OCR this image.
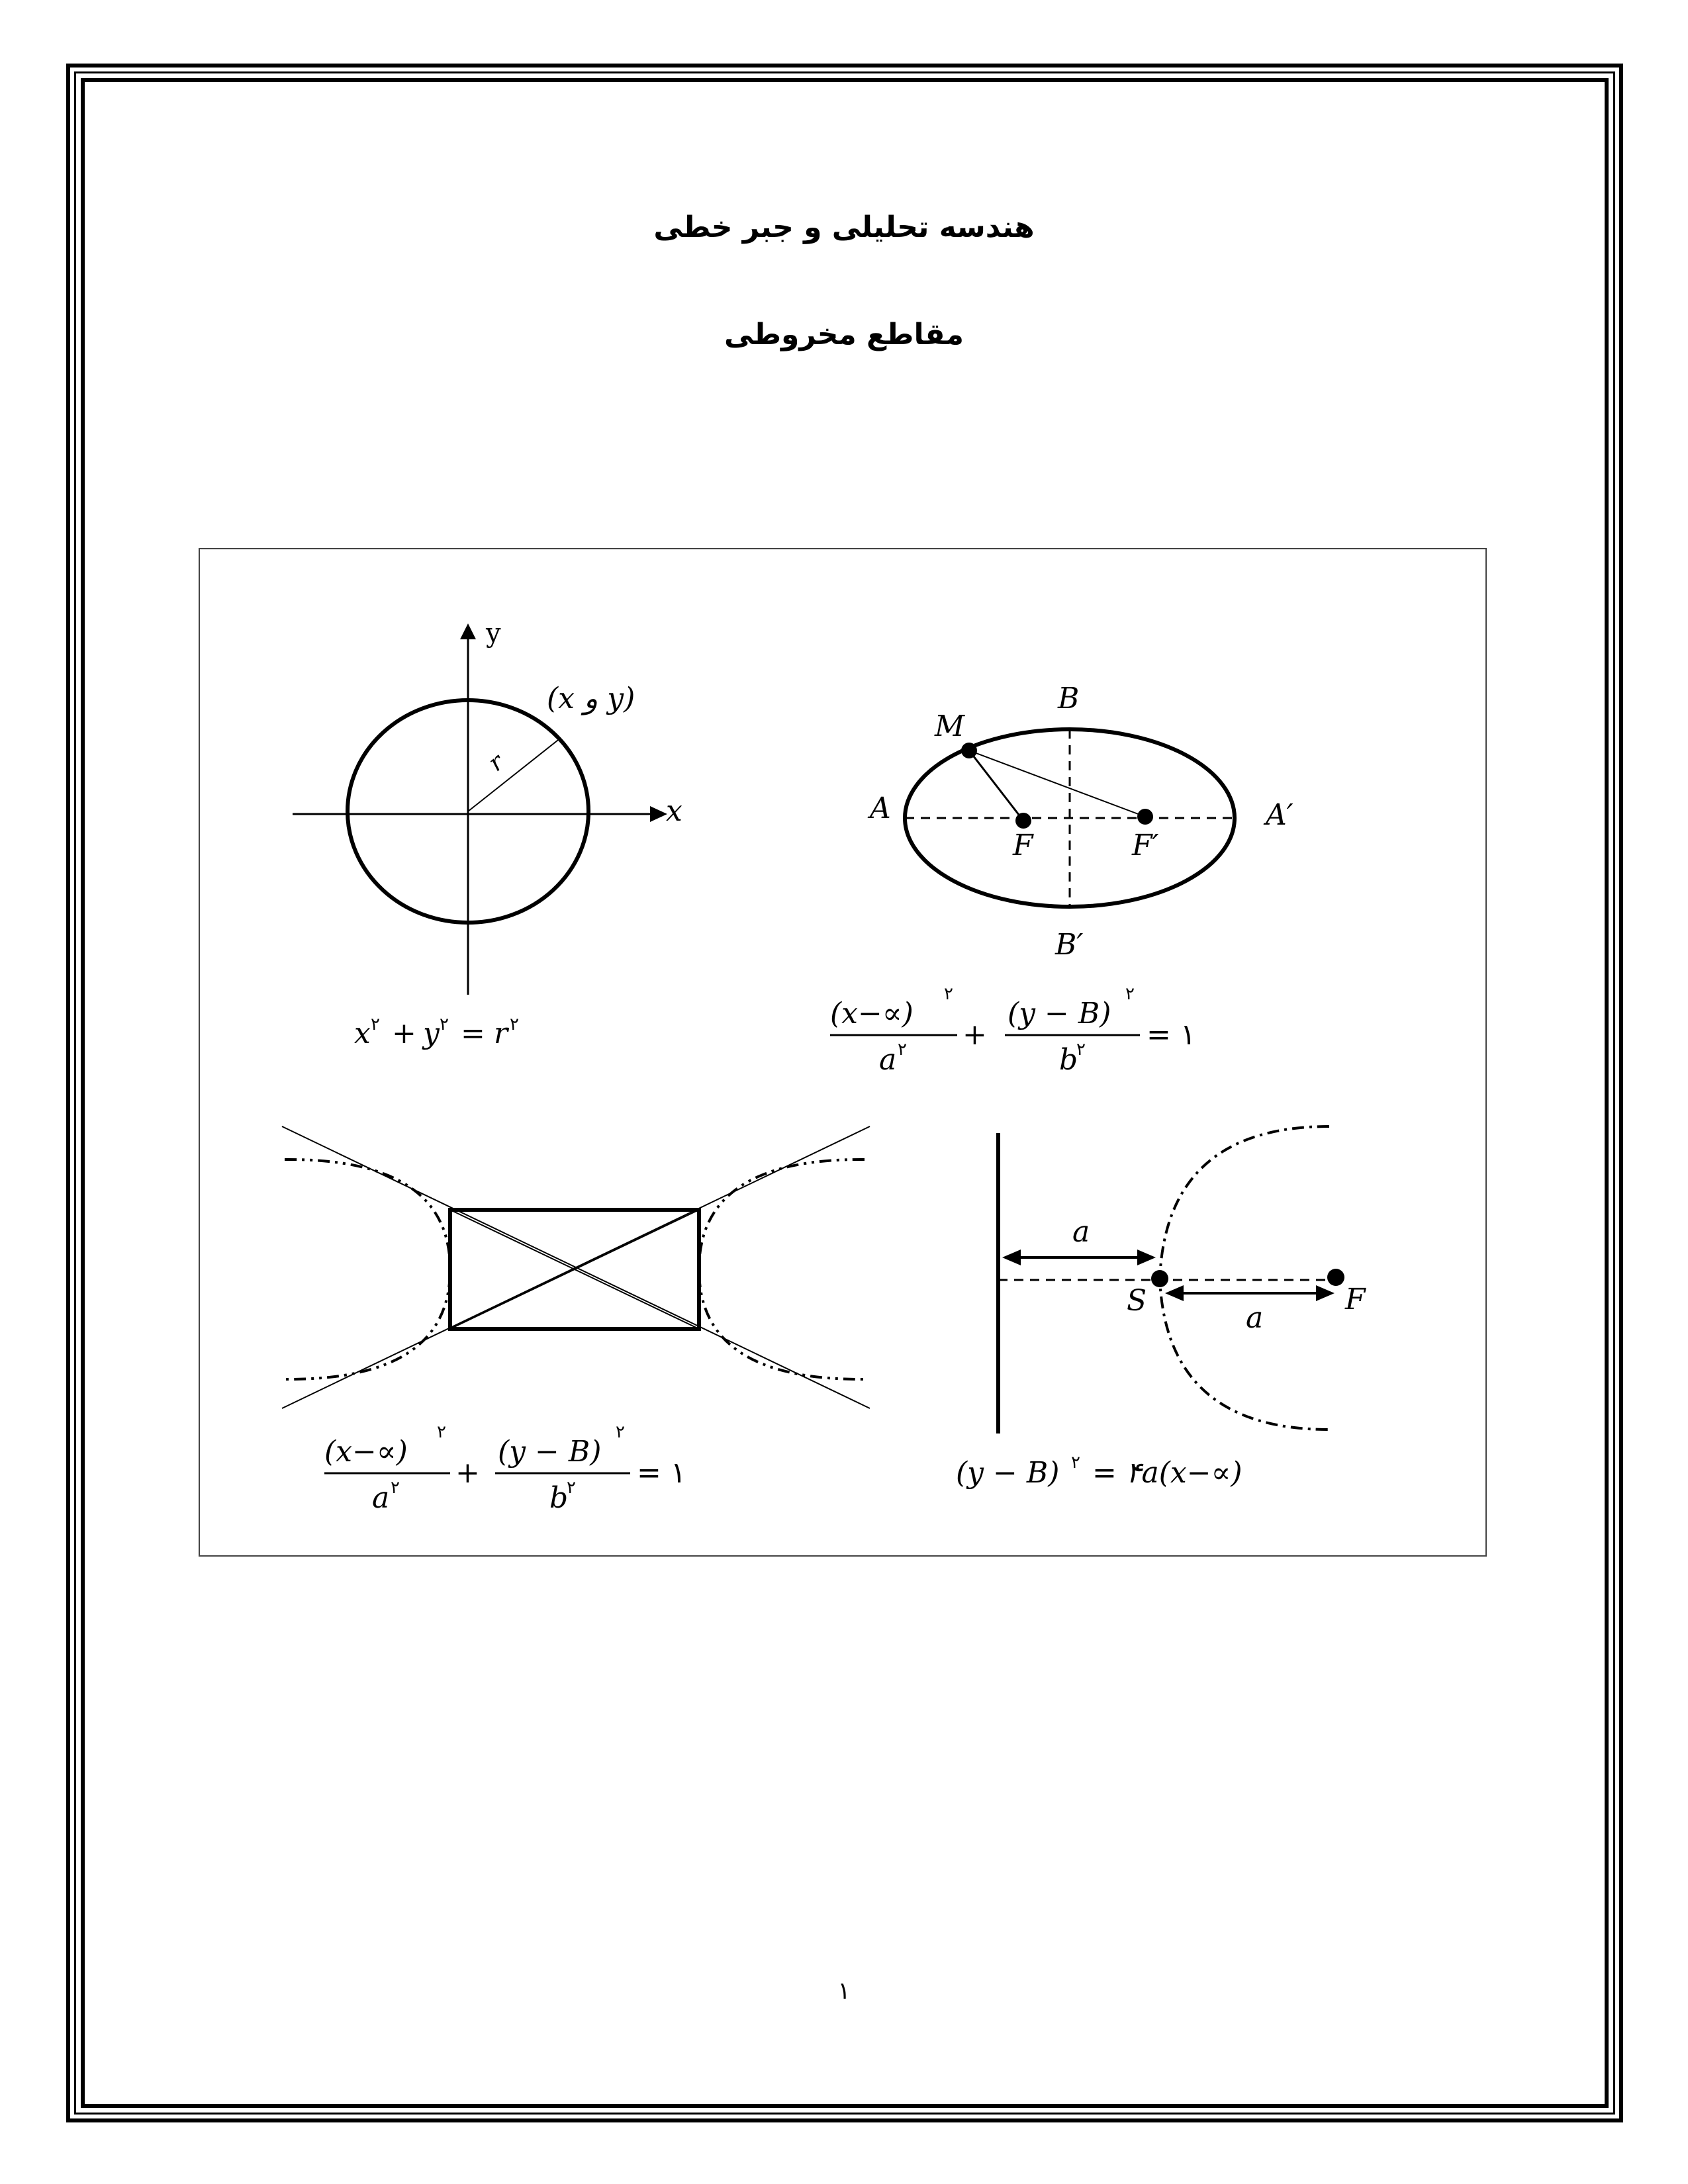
هندسه تحلیلی و جبر خطی
مقاطع مخروطی
y
x
(x و y)
r
x ۲ + y ۲ = r ۲
M
A	A′
B
B′
F	F′
(x−∝)
۲
a ۲ +
(y − B)
۲
b
۲ = ۱
(x−∝)
۲
a ۲ +
(y − B)
۲
b
۲ = ۱
a
a
S	F
(y − B) ۲ = ۴a(x−∝)
۱
